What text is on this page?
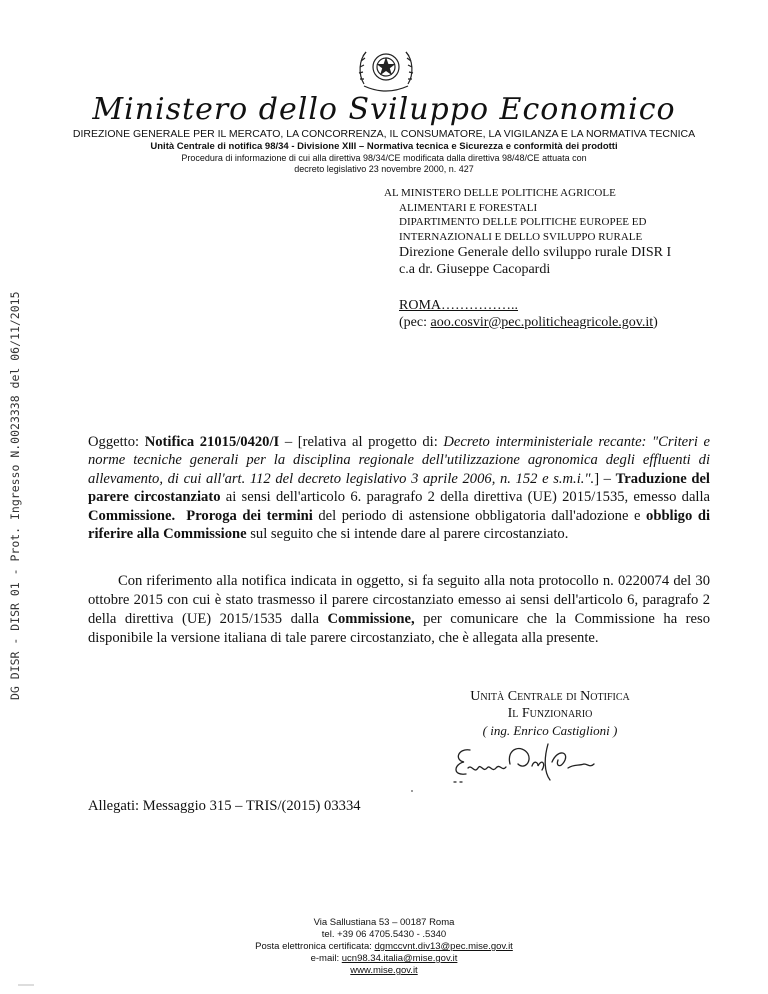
Ministero dello Sviluppo Economico
DIREZIONE GENERALE PER IL MERCATO, LA CONCORRENZA, IL CONSUMATORE, LA VIGILANZA E LA NORMATIVA TECNICA
Unità Centrale di notifica 98/34 - Divisione XIII – Normativa tecnica e Sicurezza e conformità dei prodotti
Procedura di informazione di cui alla direttiva 98/34/CE modificata dalla direttiva 98/48/CE attuata con
decreto legislativo 23 novembre 2000, n. 427
AL MINISTERO DELLE POLITICHE AGRICOLE
ALIMENTARI E FORESTALI
DIPARTIMENTO DELLE POLITICHE EUROPEE ED
INTERNAZIONALI E DELLO SVILUPPO RURALE
Direzione Generale dello sviluppo rurale DISR I
c.a dr. Giuseppe Cacopardi
ROMA……………..
(pec: aoo.cosvir@pec.politicheagricole.gov.it)
DG DISR - DISR 01 - Prot. Ingresso N.0023338 del 06/11/2015	Oggetto: Notifica 21015/0420/I – [relativa al progetto di: Decreto interministeriale recante: "Criteri e norme tecniche generali per la disciplina regionale dell'utilizzazione agronomica degli effluenti di allevamento, di cui all'art. 112 del decreto legislativo 3 aprile 2006, n. 152 e s.m.i.".] – Traduzione del parere circostanziato ai sensi dell'articolo 6. paragrafo 2 della direttiva (UE) 2015/1535, emesso dalla Commissione. Proroga dei termini del periodo di astensione obbligatoria dall'adozione e obbligo di riferire alla Commissione sul seguito che si intende dare al parere circostanziato.
Con riferimento alla notifica indicata in oggetto, si fa seguito alla nota protocollo n. 0220074 del 30 ottobre 2015 con cui è stato trasmesso il parere circostanziato emesso ai sensi dell'articolo 6, paragrafo 2 della direttiva (UE) 2015/1535 dalla Commissione, per comunicare che la Commissione ha reso disponibile la versione italiana di tale parere circostanziato, che è allegata alla presente.
Unità Centrale di Notifica
Il Funzionario
( ing. Enrico Castiglioni )
Allegati: Messaggio 315 – TRIS/(2015) 03334
Via Sallustiana 53 – 00187 Roma
tel. +39 06 4705.5430 - .5340
Posta elettronica certificata: dgmccvnt.div13@pec.mise.gov.it
e-mail: ucn98.34.italia@mise.gov.it
www.mise.gov.it
